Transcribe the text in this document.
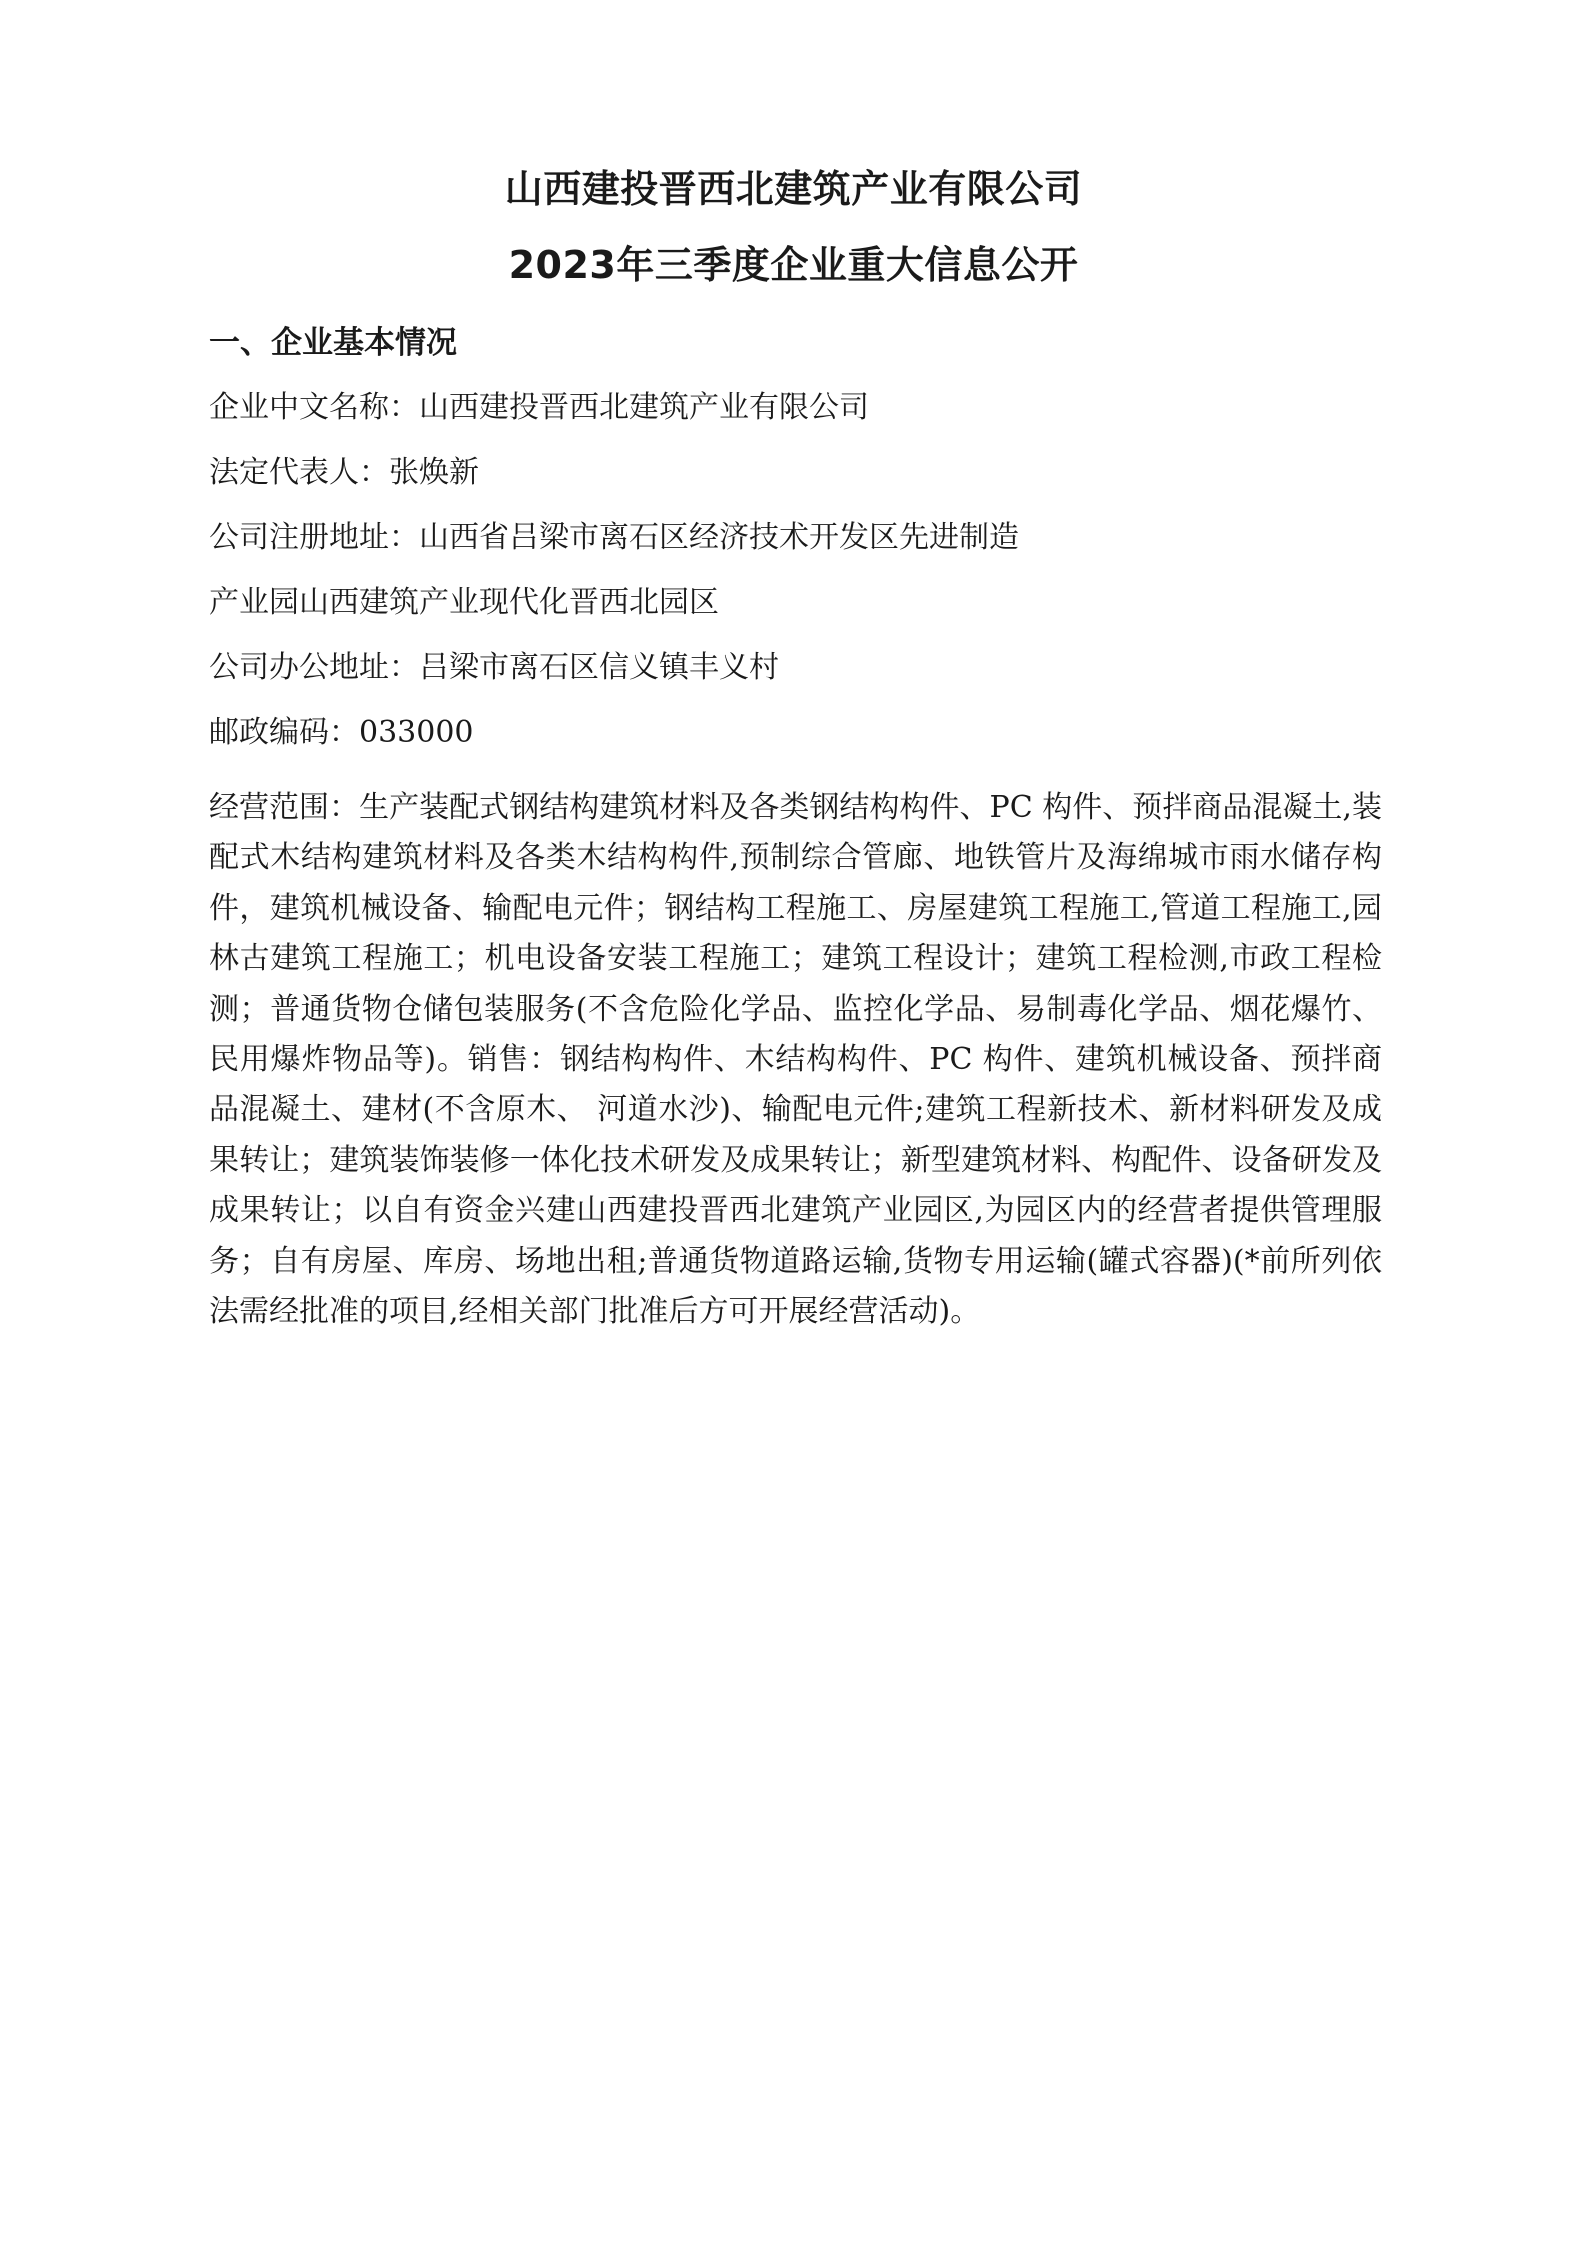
山西建投晋西北建筑产业有限公司
2023年三季度企业重大信息公开
一、企业基本情况

企业中文名称：山西建投晋西北建筑产业有限公司

法定代表人：张焕新

公司注册地址：山西省吕梁市离石区经济技术开发区先进制造

产业园山西建筑产业现代化晋西北园区

公司办公地址：吕梁市离石区信义镇丰义村

邮政编码：033000

经营范围：生产装配式钢结构建筑材料及各类钢结构构件、PC 构件、预拌商品混凝土,装配式木结构建筑材料及各类木结构构件,预制综合管廊、地铁管片及海绵城市雨水储存构件，建筑机械设备、输配电元件；钢结构工程施工、房屋建筑工程施工,管道工程施工,园林古建筑工程施工；机电设备安装工程施工；建筑工程设计；建筑工程检测,市政工程检测；普通货物仓储包装服务(不含危险化学品、监控化学品、易制毒化学品、烟花爆竹、民用爆炸物品等)。销售：钢结构构件、木结构构件、PC 构件、建筑机械设备、预拌商品混凝土、建材(不含原木、 河道水沙)、输配电元件;建筑工程新技术、新材料研发及成果转让；建筑装饰装修一体化技术研发及成果转让；新型建筑材料、构配件、设备研发及成果转让；以自有资金兴建山西建投晋西北建筑产业园区,为园区内的经营者提供管理服务；自有房屋、库房、场地出租;普通货物道路运输,货物专用运输(罐式容器)(*前所列依法需经批准的项目,经相关部门批准后方可开展经营活动)。
